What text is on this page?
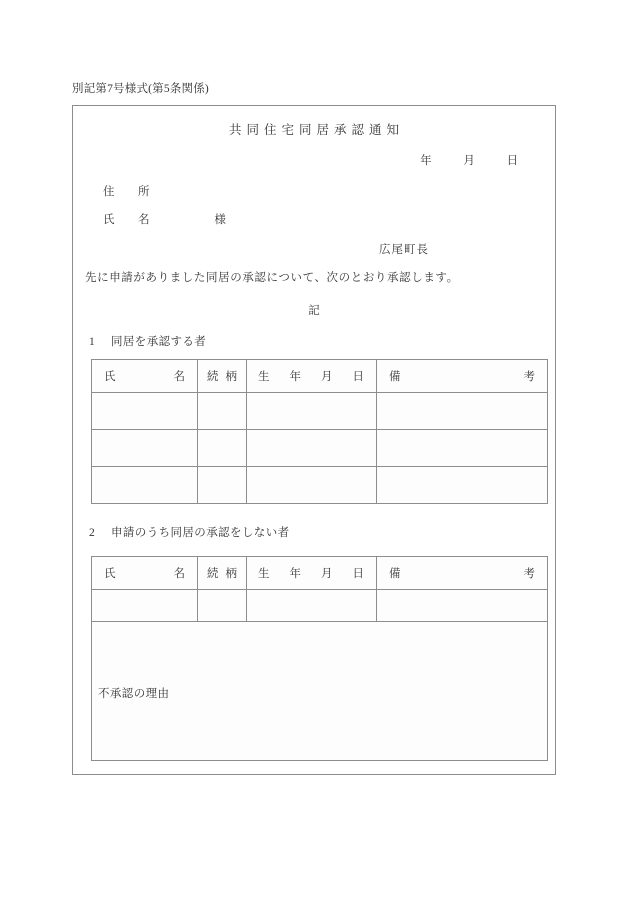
別記第7号様式(第5条関係)
共同住宅同居承認通知
年	月	日
住　所
氏　名	様
広尾町長
先に申請がありました同居の承認について、次のとおり承認します。
記
1 同居を承認する者
氏 名	続 柄	生 年 月 日	備 考

2 申請のうち同居の承認をしない者
氏 名	続 柄	生 年 月 日	備 考

不承認の理由			
